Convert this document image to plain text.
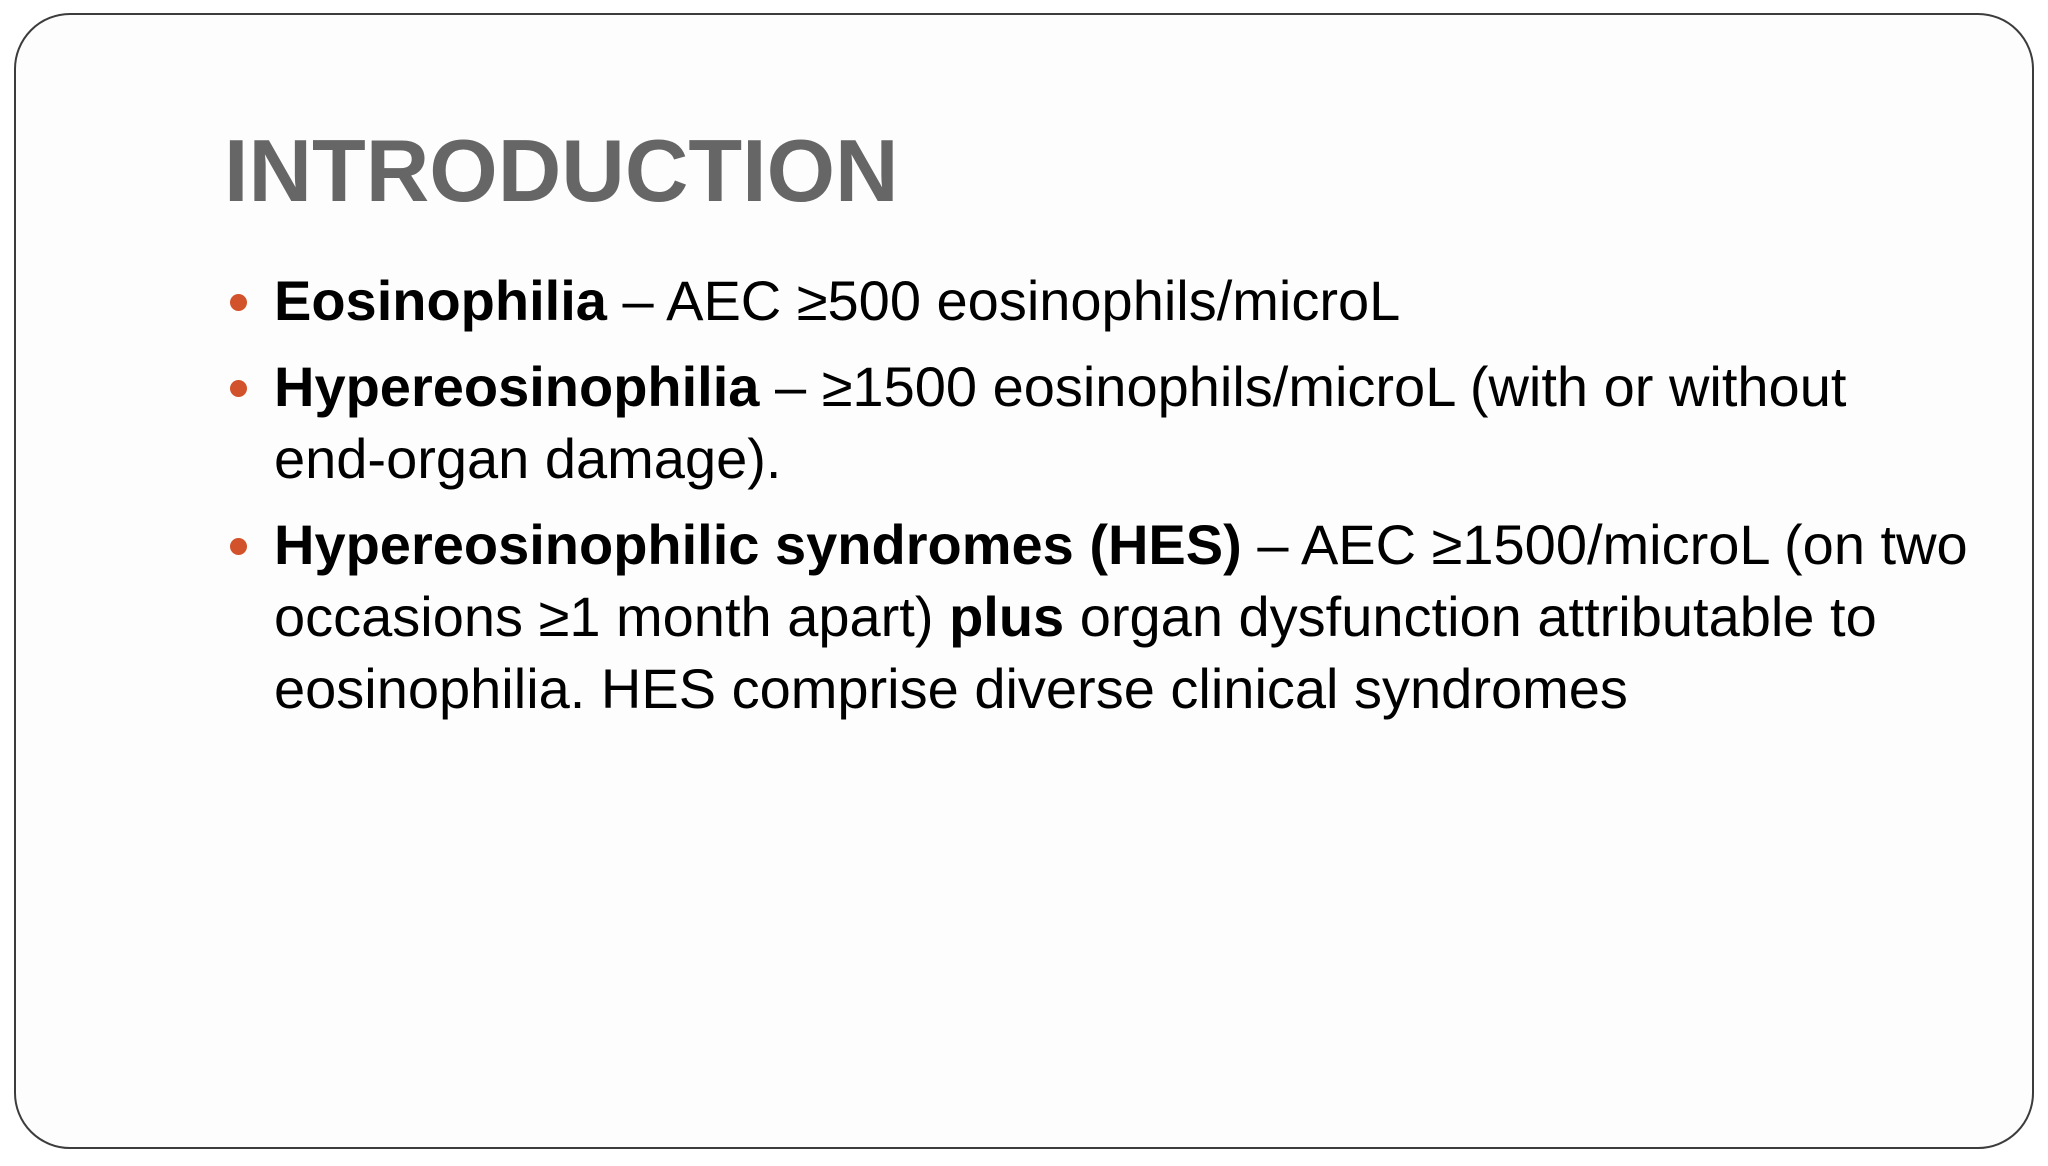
INTRODUCTION
Eosinophilia – AEC ≥500 eosinophils/microL
Hypereosinophilia – ≥1500 eosinophils/microL (with or without end-organ damage).
Hypereosinophilic syndromes (HES) – AEC ≥1500/microL (on two occasions ≥1 month apart) plus organ dysfunction attributable to eosinophilia. HES comprise diverse clinical syndromes
